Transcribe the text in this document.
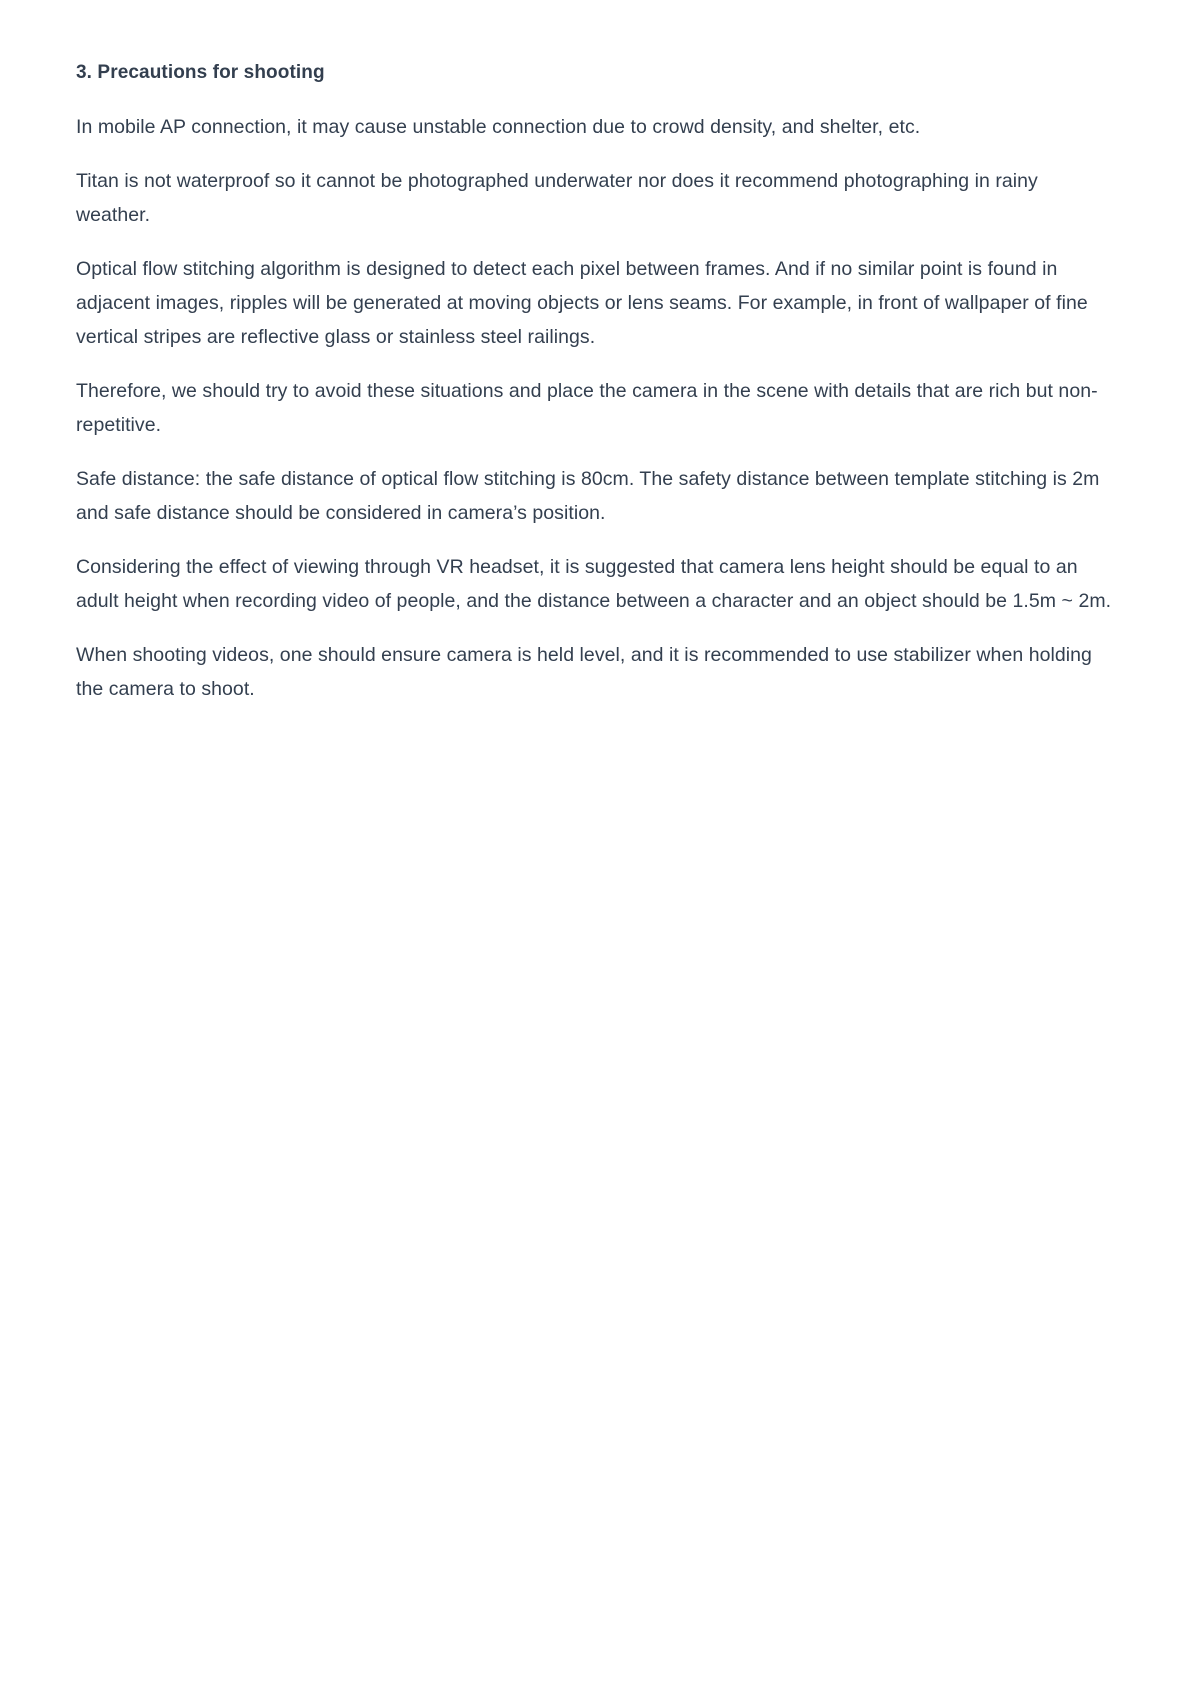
3. Precautions for shooting

In mobile AP connection, it may cause unstable connection due to crowd density, and shelter, etc.

Titan is not waterproof so it cannot be photographed underwater nor does it recommend photographing in rainy weather.

Optical flow stitching algorithm is designed to detect each pixel between frames. And if no similar point is found in adjacent images, ripples will be generated at moving objects or lens seams. For example, in front of wallpaper of fine vertical stripes are reflective glass or stainless steel railings.

Therefore, we should try to avoid these situations and place the camera in the scene with details that are rich but non-repetitive.

Safe distance: the safe distance of optical flow stitching is 80cm. The safety distance between template stitching is 2m and safe distance should be considered in camera’s position.

Considering the effect of viewing through VR headset, it is suggested that camera lens height should be equal to an adult height when recording video of people, and the distance between a character and an object should be 1.5m ~ 2m.

When shooting videos, one should ensure camera is held level, and it is recommended to use stabilizer when holding the camera to shoot.
